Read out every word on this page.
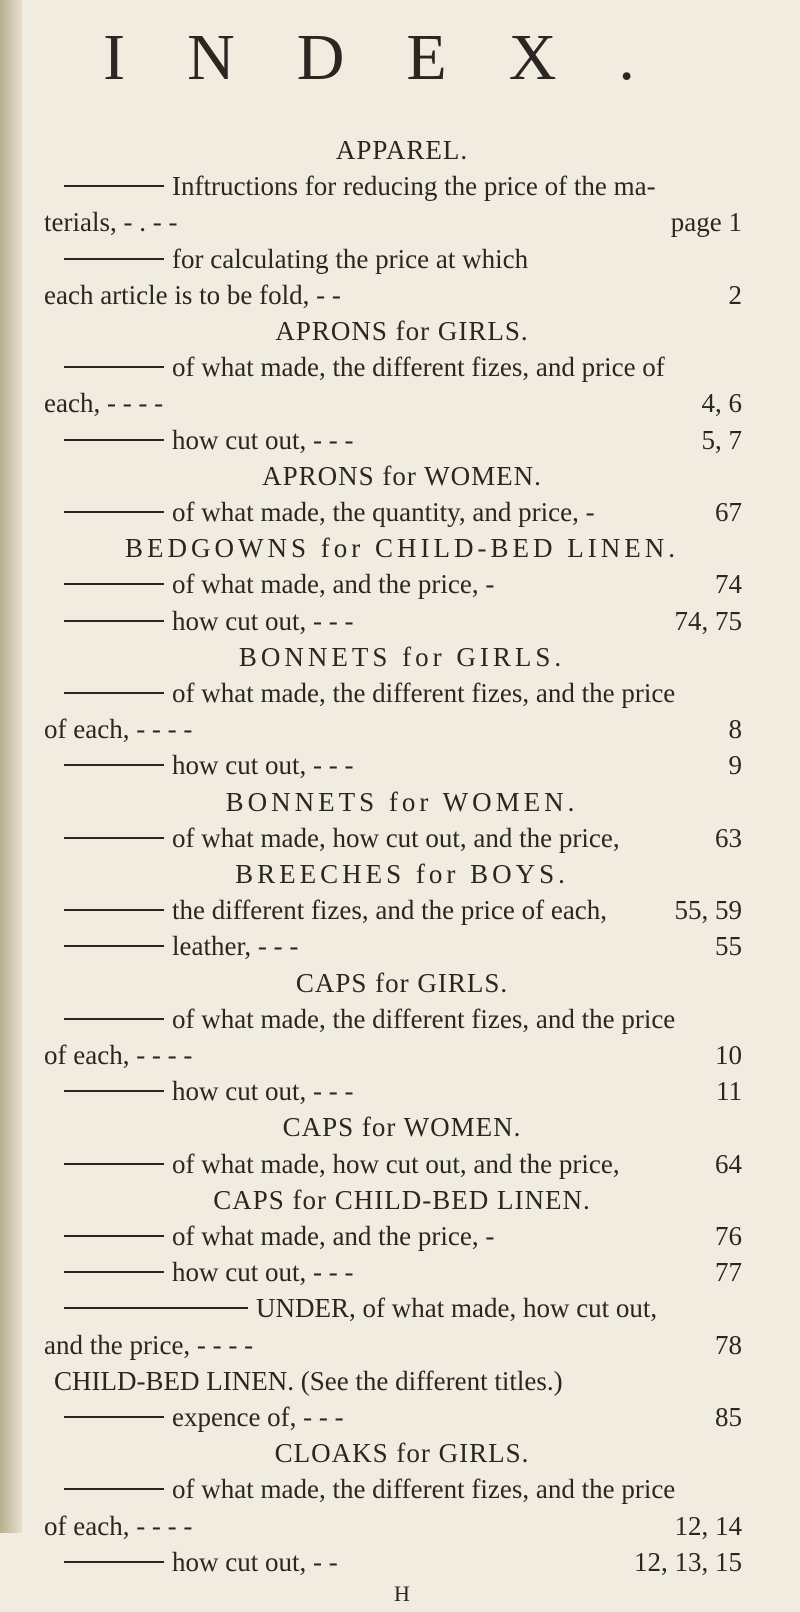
INDEX.
APPAREL.
Inftructions for reducing the price of the ma-
terials, - . - -	page 1
for calculating the price at which
each article is to be fold, - -	2
APRONS for GIRLS.
of what made, the different fizes, and price of
each, - - - -	4, 6
how cut out, - - -	5, 7
APRONS for WOMEN.
of what made, the quantity, and price, -	67
BEDGOWNS for CHILD-BED LINEN.
of what made, and the price, -	74
how cut out, - - -	74, 75
BONNETS for GIRLS.
of what made, the different fizes, and the price
of each, - - - -	8
how cut out, - - -	9
BONNETS for WOMEN.
of what made, how cut out, and the price,	63
BREECHES for BOYS.
the different fizes, and the price of each, 55, 59
leather, - - -	55
CAPS for GIRLS.
of what made, the different fizes, and the price
of each, - - - -	10
how cut out, - - -	11
CAPS for WOMEN.
of what made, how cut out, and the price,	64
CAPS for CHILD-BED LINEN.
of what made, and the price, -	76
how cut out, - - -	77
UNDER, of what made, how cut out,
and the price, - - - -	78
CHILD-BED LINEN. (See the different titles.)
expence of, - - -	85
CLOAKS for GIRLS.
of what made, the different fizes, and the price
of each, - - - -	12, 14
how cut out, - -	12, 13, 15
H
